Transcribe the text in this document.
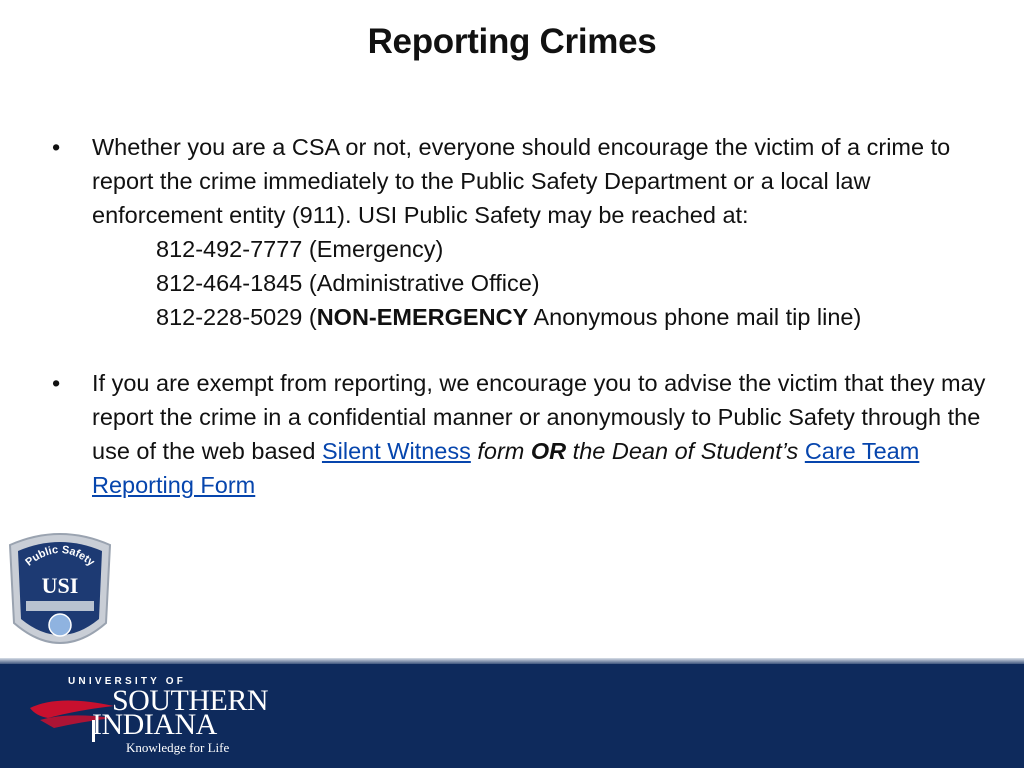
Reporting Crimes
• Whether you are a CSA or not, everyone should encourage the victim of a crime to report the crime immediately to the Public Safety Department or a local law enforcement entity (911). USI Public Safety may be reached at:
812-492-7777 (Emergency)
812-464-1845 (Administrative Office)
812-228-5029 (NON-EMERGENCY Anonymous phone mail tip line)
• If you are exempt from reporting, we encourage you to advise the victim that they may report the crime in a confidential manner or anonymously to Public Safety through the use of the web based Silent Witness form OR the Dean of Student’s Care Team Reporting Form
Public Safety
USI
UNIVERSITY OF
SOUTHERN
INDIANA
Knowledge for Life
